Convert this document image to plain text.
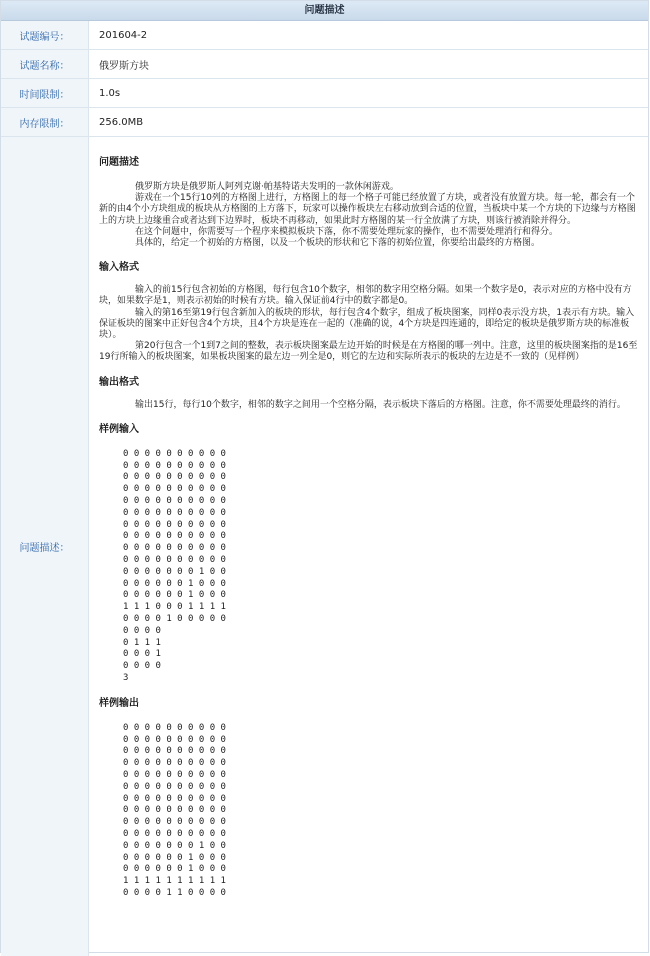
问题描述
试题编号：	201604-2
试题名称：	俄罗斯方块
时间限制：	1.0s
内存限制：	256.0MB
问题描述：
问题描述

俄罗斯方块是俄罗斯人阿列克谢·帕基特诺夫发明的一款休闲游戏。

游戏在一个15行10列的方格图上进行，方格图上的每一个格子可能已经放置了方块，或者没有放置方块。每一轮，都会有一个新的由4个小方块组成的板块从方格图的上方落下，玩家可以操作板块左右移动放到合适的位置，当板块中某一个方块的下边缘与方格图上的方块上边缘重合或者达到下边界时，板块不再移动，如果此时方格图的某一行全放满了方块，则该行被消除并得分。

在这个问题中，你需要写一个程序来模拟板块下落，你不需要处理玩家的操作，也不需要处理消行和得分。

具体的，给定一个初始的方格图，以及一个板块的形状和它下落的初始位置，你要给出最终的方格图。

输入格式

输入的前15行包含初始的方格图，每行包含10个数字，相邻的数字用空格分隔。如果一个数字是0，表示对应的方格中没有方块，如果数字是1，则表示初始的时候有方块。输入保证前4行中的数字都是0。

输入的第16至第19行包含新加入的板块的形状，每行包含4个数字，组成了板块图案，同样0表示没方块，1表示有方块。输入保证板块的图案中正好包含4个方块，且4个方块是连在一起的（准确的说，4个方块是四连通的，即给定的板块是俄罗斯方块的标准板块）。

第20行包含一个1到7之间的整数，表示板块图案最左边开始的时候是在方格图的哪一列中。注意，这里的板块图案指的是16至19行所输入的板块图案，如果板块图案的最左边一列全是0，则它的左边和实际所表示的板块的左边是不一致的（见样例）

输出格式

输出15行，每行10个数字，相邻的数字之间用一个空格分隔，表示板块下落后的方格图。注意，你不需要处理最终的消行。

样例输入
0 0 0 0 0 0 0 0 0 0
0 0 0 0 0 0 0 0 0 0
0 0 0 0 0 0 0 0 0 0
0 0 0 0 0 0 0 0 0 0
0 0 0 0 0 0 0 0 0 0
0 0 0 0 0 0 0 0 0 0
0 0 0 0 0 0 0 0 0 0
0 0 0 0 0 0 0 0 0 0
0 0 0 0 0 0 0 0 0 0
0 0 0 0 0 0 0 0 0 0
0 0 0 0 0 0 0 1 0 0
0 0 0 0 0 0 1 0 0 0
0 0 0 0 0 0 1 0 0 0
1 1 1 0 0 0 1 1 1 1
0 0 0 0 1 0 0 0 0 0
0 0 0 0
0 1 1 1
0 0 0 1
0 0 0 0
3
样例输出
0 0 0 0 0 0 0 0 0 0
0 0 0 0 0 0 0 0 0 0
0 0 0 0 0 0 0 0 0 0
0 0 0 0 0 0 0 0 0 0
0 0 0 0 0 0 0 0 0 0
0 0 0 0 0 0 0 0 0 0
0 0 0 0 0 0 0 0 0 0
0 0 0 0 0 0 0 0 0 0
0 0 0 0 0 0 0 0 0 0
0 0 0 0 0 0 0 0 0 0
0 0 0 0 0 0 0 1 0 0
0 0 0 0 0 0 1 0 0 0
0 0 0 0 0 0 1 0 0 0
1 1 1 1 1 1 1 1 1 1
0 0 0 0 1 1 0 0 0 0
